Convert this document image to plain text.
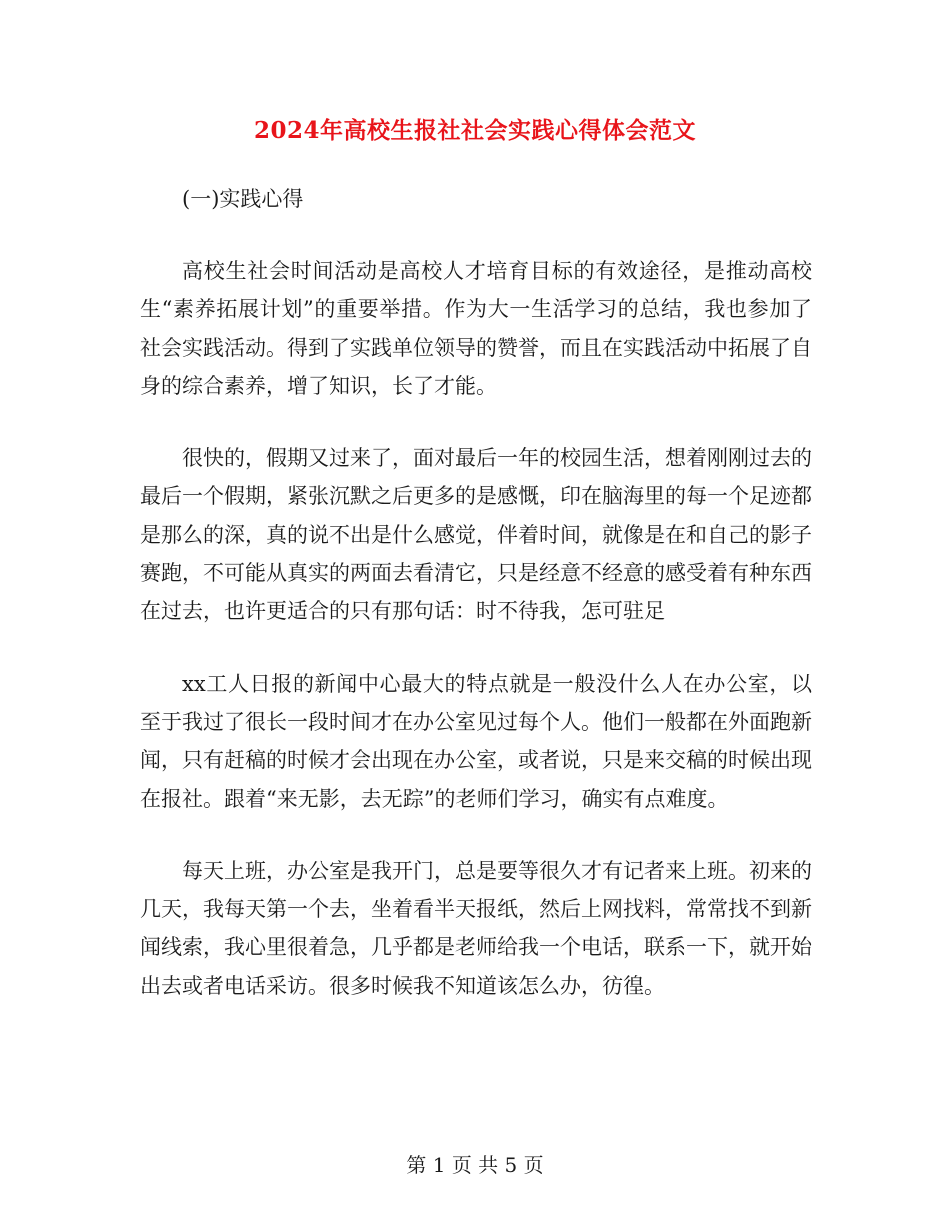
2024年高校生报社社会实践心得体会范文
(一)实践心得

高校生社会时间活动是高校人才培育目标的有效途径，是推动高校生“素养拓展计划”的重要举措。作为大一生活学习的总结，我也参加了社会实践活动。得到了实践单位领导的赞誉，而且在实践活动中拓展了自身的综合素养，增了知识，长了才能。

很快的，假期又过来了，面对最后一年的校园生活，想着刚刚过去的最后一个假期，紧张沉默之后更多的是感慨，印在脑海里的每一个足迹都是那么的深，真的说不出是什么感觉，伴着时间，就像是在和自己的影子赛跑，不可能从真实的两面去看清它，只是经意不经意的感受着有种东西在过去，也许更适合的只有那句话：时不待我，怎可驻足

xx工人日报的新闻中心最大的特点就是一般没什么人在办公室，以至于我过了很长一段时间才在办公室见过每个人。他们一般都在外面跑新闻，只有赶稿的时候才会出现在办公室，或者说，只是来交稿的时候出现在报社。跟着“来无影，去无踪”的老师们学习，确实有点难度。

每天上班，办公室是我开门，总是要等很久才有记者来上班。初来的几天，我每天第一个去，坐着看半天报纸，然后上网找料，常常找不到新闻线索，我心里很着急，几乎都是老师给我一个电话，联系一下，就开始出去或者电话采访。很多时候我不知道该怎么办，彷徨。

第 1 页 共 5 页
